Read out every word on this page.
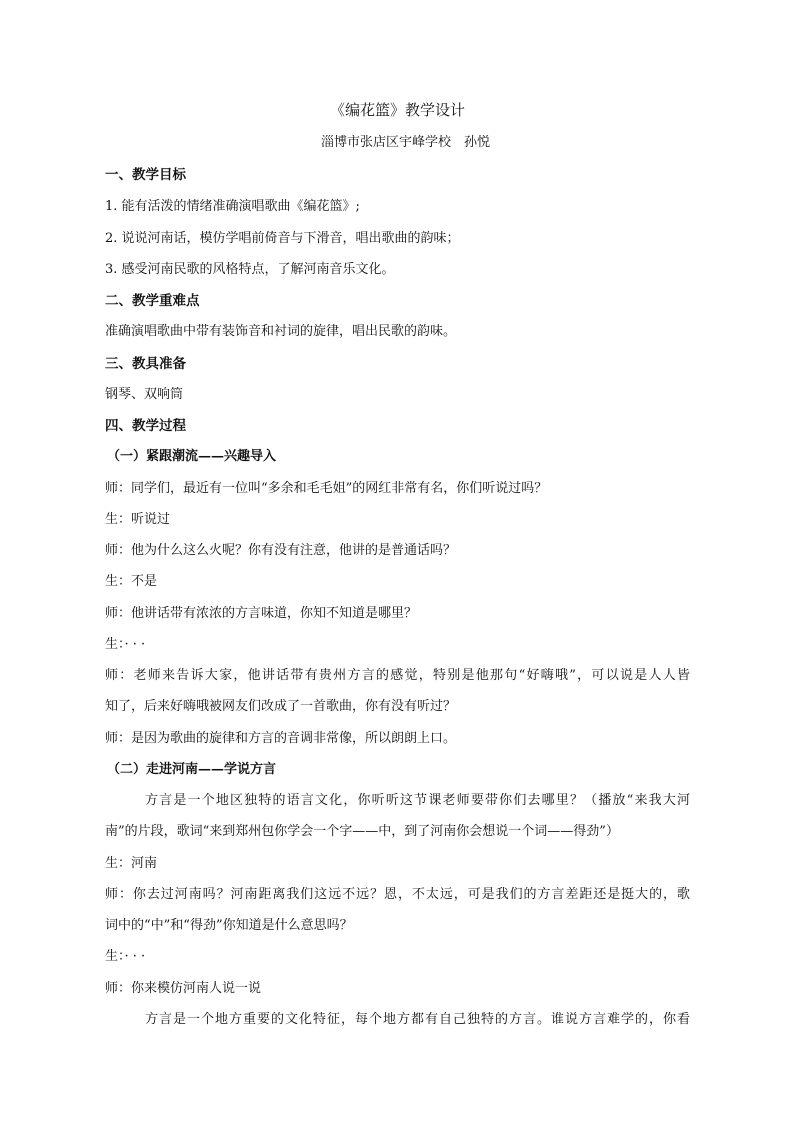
《编花篮》教学设计
淄博市张店区宇峰学校　孙悦
一、教学目标
1. 能有活泼的情绪准确演唱歌曲《编花篮》;
2. 说说河南话，模仿学唱前倚音与下滑音，唱出歌曲的韵味；
3. 感受河南民歌的风格特点，了解河南音乐文化。
二、教学重难点
准确演唱歌曲中带有装饰音和衬词的旋律，唱出民歌的韵味。
三、教具准备
钢琴、双响筒
四、教学过程
（一）紧跟潮流——兴趣导入
师：同学们，最近有一位叫“多余和毛毛姐”的网红非常有名，你们听说过吗？
生：听说过
师：他为什么这么火呢？你有没有注意，他讲的是普通话吗？
生：不是
师：他讲话带有浓浓的方言味道，你知不知道是哪里？
生：· · ·
师：老师来告诉大家，他讲话带有贵州方言的感觉，特别是他那句“好嗨哦”，可以说是人人皆
知了，后来好嗨哦被网友们改成了一首歌曲，你有没有听过？
师：是因为歌曲的旋律和方言的音调非常像，所以朗朗上口。
（二）走进河南——学说方言
方言是一个地区独特的语言文化，你听听这节课老师要带你们去哪里？（播放“来我大河
南”的片段，歌词“来到郑州包你学会一个字——中，到了河南你会想说一个词——得劲”）
生：河南
师：你去过河南吗？河南距离我们这远不远？恩，不太远，可是我们的方言差距还是挺大的，歌
词中的“中”和“得劲”你知道是什么意思吗？
生：· · ·
师：你来模仿河南人说一说
方言是一个地方重要的文化特征，每个地方都有自己独特的方言。谁说方言难学的，你看
